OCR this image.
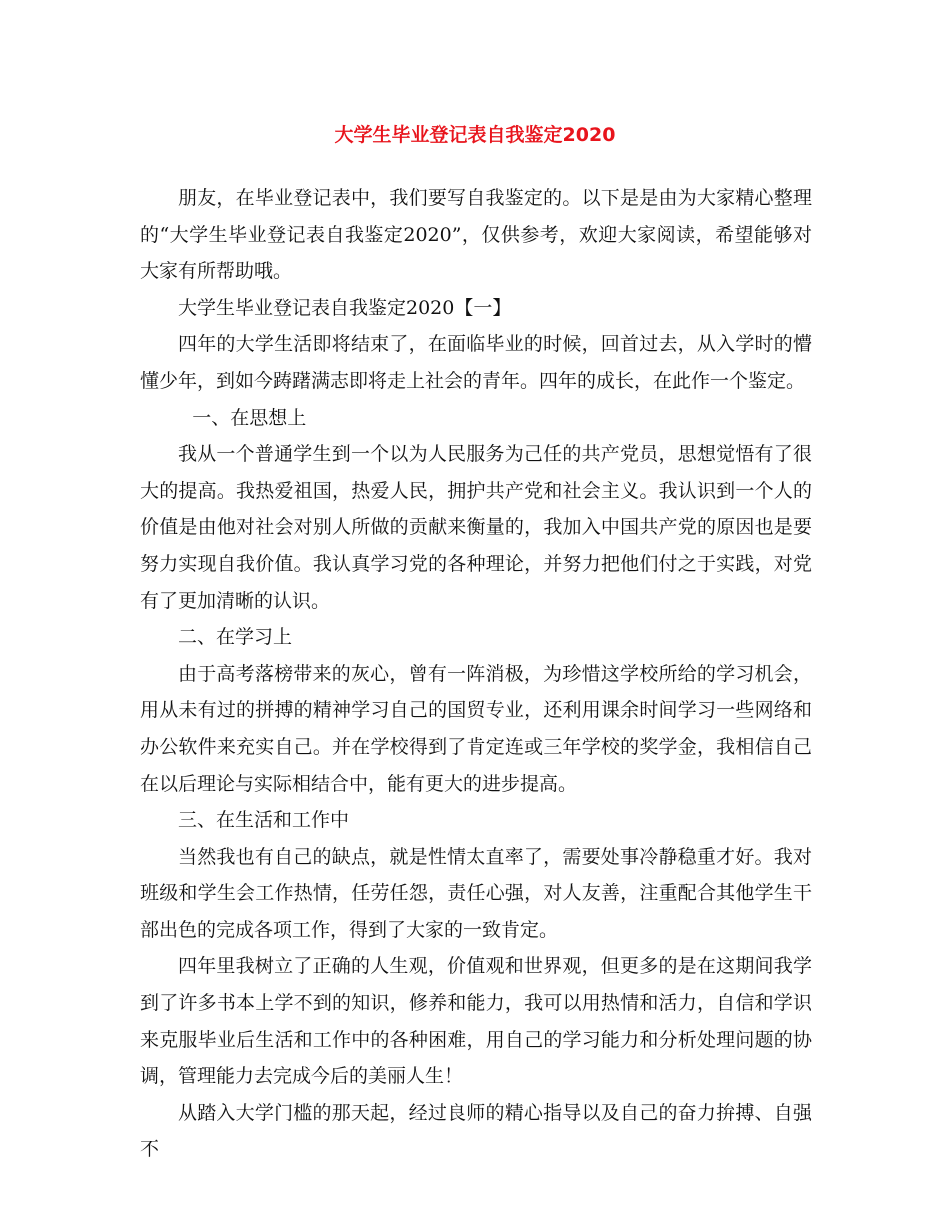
大学生毕业登记表自我鉴定2020

朋友，在毕业登记表中，我们要写自我鉴定的。以下是是由为大家精心整理的“大学生毕业登记表自我鉴定2020”，仅供参考，欢迎大家阅读，希望能够对大家有所帮助哦。

大学生毕业登记表自我鉴定2020【一】

四年的大学生活即将结束了，在面临毕业的时候，回首过去，从入学时的懵懂少年，到如今踌躇满志即将走上社会的青年。四年的成长，在此作一个鉴定。

一、在思想上

我从一个普通学生到一个以为人民服务为己任的共产党员，思想觉悟有了很大的提高。我热爱祖国，热爱人民，拥护共产党和社会主义。我认识到一个人的价值是由他对社会对别人所做的贡献来衡量的，我加入中国共产党的原因也是要努力实现自我价值。我认真学习党的各种理论，并努力把他们付之于实践，对党有了更加清晰的认识。

二、在学习上

由于高考落榜带来的灰心，曾有一阵消极，为珍惜这学校所给的学习机会，用从未有过的拼搏的精神学习自己的国贸专业，还利用课余时间学习一些网络和办公软件来充实自己。并在学校得到了肯定连或三年学校的奖学金，我相信自己在以后理论与实际相结合中，能有更大的进步提高。

三、在生活和工作中

当然我也有自己的缺点，就是性情太直率了，需要处事冷静稳重才好。我对班级和学生会工作热情，任劳任怨，责任心强，对人友善，注重配合其他学生干部出色的完成各项工作，得到了大家的一致肯定。

四年里我树立了正确的人生观，价值观和世界观，但更多的是在这期间我学到了许多书本上学不到的知识，修养和能力，我可以用热情和活力，自信和学识来克服毕业后生活和工作中的各种困难，用自己的学习能力和分析处理问题的协调，管理能力去完成今后的美丽人生！

从踏入大学门槛的那天起，经过良师的精心指导以及自己的奋力拚搏、自强不
